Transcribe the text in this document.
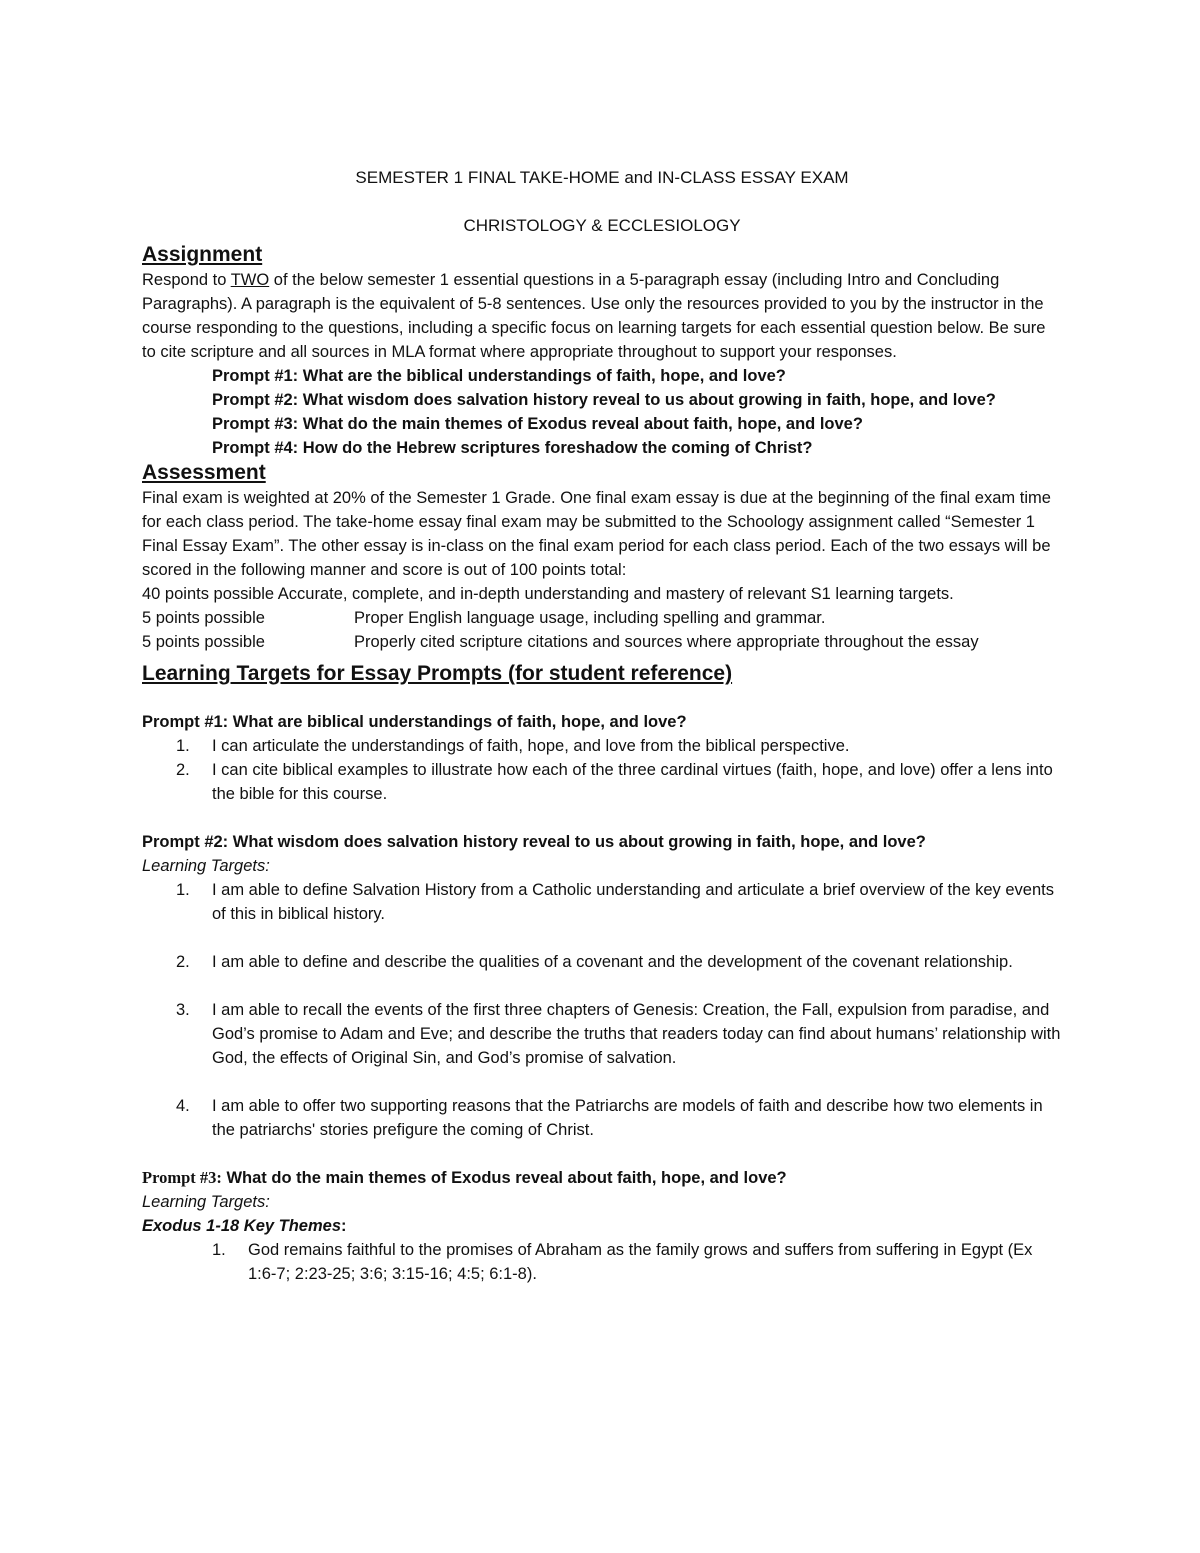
SEMESTER 1 FINAL TAKE-HOME and IN-CLASS ESSAY EXAM
CHRISTOLOGY & ECCLESIOLOGY
Assignment

Respond to TWO of the below semester 1 essential questions in a 5-paragraph essay (including Intro and Concluding Paragraphs). A paragraph is the equivalent of 5-8 sentences. Use only the resources provided to you by the instructor in the course responding to the questions, including a specific focus on learning targets for each essential question below. Be sure to cite scripture and all sources in MLA format where appropriate throughout to support your responses.

Prompt #1: What are the biblical understandings of faith, hope, and love?
Prompt #2: What wisdom does salvation history reveal to us about growing in faith, hope, and love?
Prompt #3: What do the main themes of Exodus reveal about faith, hope, and love?
Prompt #4: How do the Hebrew scriptures foreshadow the coming of Christ?
Assessment

Final exam is weighted at 20% of the Semester 1 Grade. One final exam essay is due at the beginning of the final exam time for each class period. The take-home essay final exam may be submitted to the Schoology assignment called “Semester 1 Final Essay Exam”. The other essay is in-class on the final exam period for each class period. Each of the two essays will be scored in the following manner and score is out of 100 points total:

40 points possible Accurate, complete, and in-depth understanding and mastery of relevant S1 learning targets.

5 points possible	Proper English language usage, including spelling and grammar.
5 points possible	Properly cited scripture citations and sources where appropriate throughout the essay
Learning Targets for Essay Prompts (for student reference)

Prompt #1: What are biblical understandings of faith, hope, and love?

1.	I can articulate the understandings of faith, hope, and love from the biblical perspective.
2.	I can cite biblical examples to illustrate how each of the three cardinal virtues (faith, hope, and love) offer a lens into the bible for this course.

Prompt #2: What wisdom does salvation history reveal to us about growing in faith, hope, and love?

Learning Targets:

1.	I am able to define Salvation History from a Catholic understanding and articulate a brief overview of the key events of this in biblical history.
2.	I am able to define and describe the qualities of a covenant and the development of the covenant relationship.
3.	I am able to recall the events of the first three chapters of Genesis: Creation, the Fall, expulsion from paradise, and God’s promise to Adam and Eve; and describe the truths that readers today can find about humans’ relationship with God, the effects of Original Sin, and God’s promise of salvation.
4.	I am able to offer two supporting reasons that the Patriarchs are models of faith and describe how two elements in the patriarchs' stories prefigure the coming of Christ.

Prompt #3: What do the main themes of Exodus reveal about faith, hope, and love?

Learning Targets:

Exodus 1-18 Key Themes:

1.	God remains faithful to the promises of Abraham as the family grows and suffers from suffering in Egypt (Ex 1:6-7; 2:23-25; 3:6; 3:15-16; 4:5; 6:1-8).
